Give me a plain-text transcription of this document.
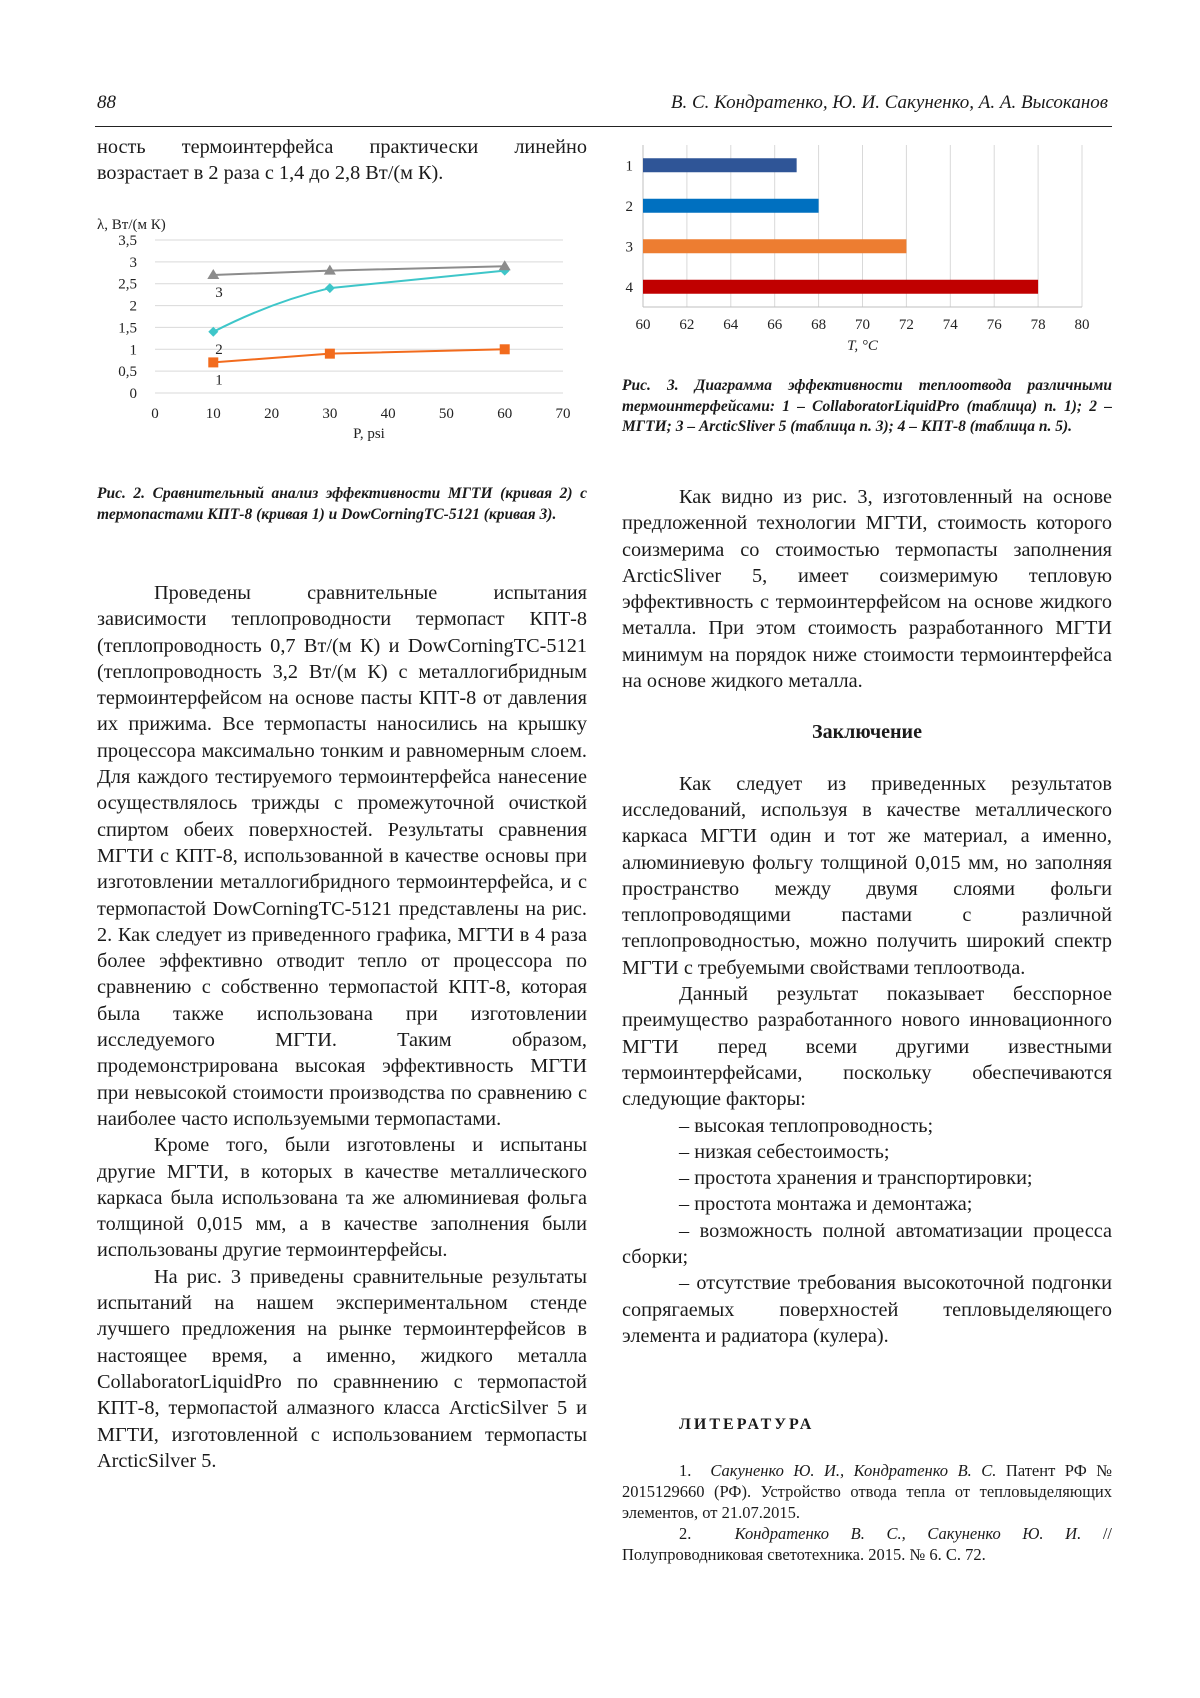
88	В. С. Кондратенко, Ю. И. Сакуненко, А. А. Высоканов

ность термоинтерфейса практически линейно возрастает в 2 раза с 1,4 до 2,8 Вт/(м К).

λ, Вт/(м К)
0
0,5
1
1,5
2
2,5
3
3,5
0	10	20	30	40	50	60	70
P, psi
1
2
3
Рис. 2. Сравнительный анализ эффективности МГТИ (кривая 2) с термопастами КПТ-8 (кривая 1) и DowCorningTC-5121 (кривая 3).

Проведены сравнительные испытания зависимости теплопроводности термопаст КПТ-8 (теплопроводность 0,7 Вт/(м К) и DowCorningTC-5121 (теплопроводность 3,2 Вт/(м К) с металлогибридным термоинтерфейсом на основе пасты КПТ-8 от давления их прижима. Все термопасты наносились на крышку процессора максимально тонким и равномерным слоем. Для каждого тестируемого термоинтерфейса нанесение осуществлялось трижды с промежуточной очисткой спиртом обеих поверхностей. Результаты сравнения МГТИ с КПТ-8, использованной в качестве основы при изготовлении металлогибридного термоинтерфейса, и с термопастой DowCorningTC-5121 представлены на рис. 2. Как следует из приведенного графика, МГТИ в 4 раза более эффективно отводит тепло от процессора по сравнению с собственно термопастой КПТ-8, которая была также использована при изготовлении исследуемого МГТИ. Таким образом, продемонстрирована высокая эффективность МГТИ при невысокой стоимости производства по сравнению с наиболее часто используемыми термопастами.

Кроме того, были изготовлены и испытаны другие МГТИ, в которых в качестве металлического каркаса была использована та же алюминиевая фольга толщиной 0,015 мм, а в качестве заполнения были использованы другие термоинтерфейсы.

На рис. 3 приведены сравнительные результаты испытаний на нашем экспериментальном стенде лучшего предложения на рынке термоинтерфейсов в настоящее время, а именно, жидкого металла CollaboratorLiquidPro по сравннению с термопастой КПТ-8, термопастой алмазного класса ArcticSilver 5 и МГТИ, изготовленной с использованием термопасты ArcticSilver 5.

60 62 64 66 68 70 72 74 76 78 80
T, °C
1
2
3
4
Рис. 3. Диаграмма эффективности теплоотвода различными термоинтерфейсами: 1 – CollaboratorLiquidPro (таблица) п. 1); 2 – МГТИ; 3 – ArcticSliver 5 (таблица п. 3); 4 – КПТ-8 (таблица п. 5).

Как видно из рис. 3, изготовленный на основе предложенной технологии МГТИ, стоимость которого соизмерима со стоимостью термопасты заполнения ArcticSliver 5, имеет соизмеримую тепловую эффективность с термоинтерфейсом на основе жидкого металла. При этом стоимость разработанного МГТИ минимум на порядок ниже стоимости термоинтерфейса на основе жидкого металла.

Заключение

Как следует из приведенных результатов исследований, используя в качестве металлического каркаса МГТИ один и тот же материал, а именно, алюминиевую фольгу толщиной 0,015 мм, но заполняя пространство между двумя слоями фольги теплопроводящими пастами с различной теплопроводностью, можно получить широкий спектр МГТИ с требуемыми свойствами теплоотвода.

Данный результат показывает бесспорное преимущество разработанного нового инновационного МГТИ перед всеми другими известными термоинтерфейсами, поскольку обеспечиваются следующие факторы:

– высокая теплопроводность;

– низкая себестоимость;

– простота хранения и транспортировки;

– простота монтажа и демонтажа;

– возможность полной автоматизации процесса сборки;

– отсутствие требования высокоточной подгонки сопрягаемых поверхностей тепловыделяющего элемента и радиатора (кулера).

ЛИТЕРАТУРА

1. Сакуненко Ю. И., Кондратенко В. С. Патент РФ № 2015129660 (РФ). Устройство отвода тепла от тепловыделяющих элементов, от 21.07.2015.

2.	Кондратенко В. С., Сакуненко Ю. И. // Полупроводниковая светотехника. 2015. № 6. С. 72.
